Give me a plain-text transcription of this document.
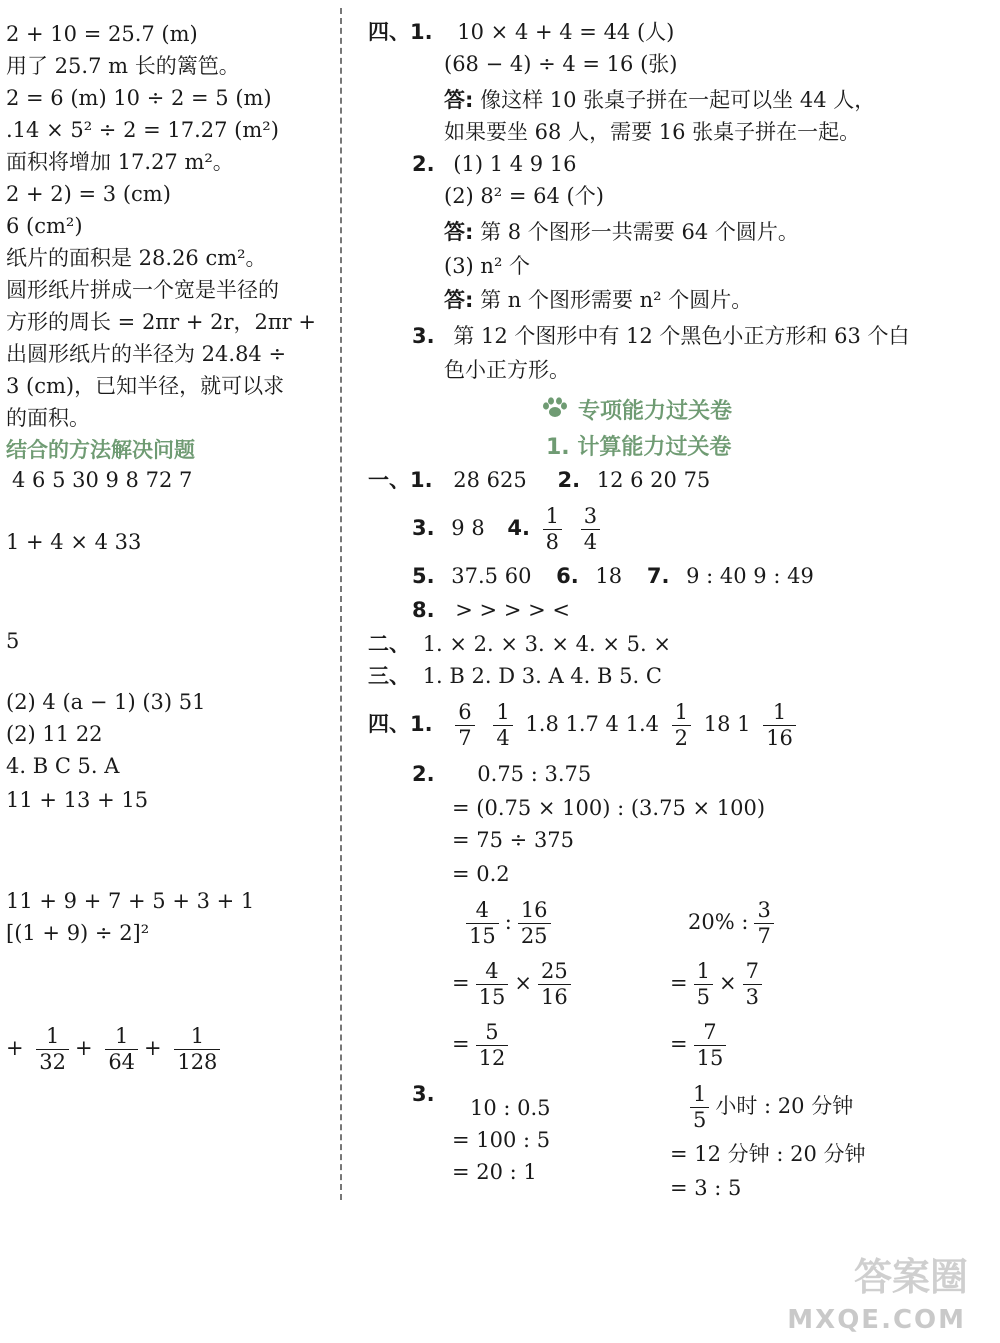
2 + 10 = 25.7 (m)
用了 25.7 m 长的篱笆。
2 = 6 (m) 10 ÷ 2 = 5 (m)
.14 × 5² ÷ 2 = 17.27 (m²)
面积将增加 17.27 m²。
2 + 2) = 3 (cm)
6 (cm²)
纸片的面积是 28.26 cm²。
圆形纸片拼成一个宽是半径的
方形的周长 = 2πr + 2r，2πr +
出圆形纸片的半径为 24.84 ÷
3 (cm)，已知半径，就可以求
的面积。
结合的方法解决问题
4 6 5 30 9 8 72 7
1 + 4 × 4 33
5
(2) 4 (a − 1) (3) 51
(2) 11 22
4. B C 5. A
11 + 13 + 15
11 + 9 + 7 + 5 + 3 + 1
[(1 + 9) ÷ 2]²
+ $\frac{1}{32} + \frac{1}{64} + \frac{1}{128}$
四、1. 10 × 4 + 4 = 44 (人)
(68 − 4) ÷ 4 = 16 (张)
答: 像这样 10 张桌子拼在一起可以坐 44 人，
如果要坐 68 人，需要 16 张桌子拼在一起。
2. (1) 1 4 9 16
(2) 8² = 64 (个)
答: 第 8 个图形一共需要 64 个圆片。
(3) n² 个
答: 第 n 个图形需要 n² 个圆片。
3. 第 12 个图形中有 12 个黑色小正方形和 63 个白
色小正方形。
专项能力过关卷
1. 计算能力过关卷
一、1. 28 625 2. 12 6 20 75
3. 9 8 4. $\frac{1}{8}$
$\frac{3}{4}$
5. 37.5 60 6. 18 7. 9 : 40 9 : 49
8. > > > > <
二、 1. × 2. × 3. × 4. × 5. ×
三、 1. B 2. D 3. A 4. B 5. C
四、1. $\frac{6}{7}$
$\frac{1}{4} 1.8$ 1.7 4 $1.4 \frac{1}{2} 18$ $1 \frac{1}{16}$
2. 0.75 : 3.75
= (0.75 × 100) : (3.75 × 100)
= 75 ÷ 375
= 0.2
$\frac{4}{15}$ : $\frac{16}{25}$
= $\frac{4}{15} \times \frac{25}{16}$
= $\frac{5}{12}$
20% : $\frac{3}{7}$
= $\frac{1}{5} \times \frac{7}{3}$
= $\frac{7}{15}$
3.
10 : 0.5
= 100 : 5
= 20 : 1
$\frac{1}{5}$ 小时 : 20 分钟
= 12 分钟 : 20 分钟
= 3 : 5
答案圈
MXQE.COM
